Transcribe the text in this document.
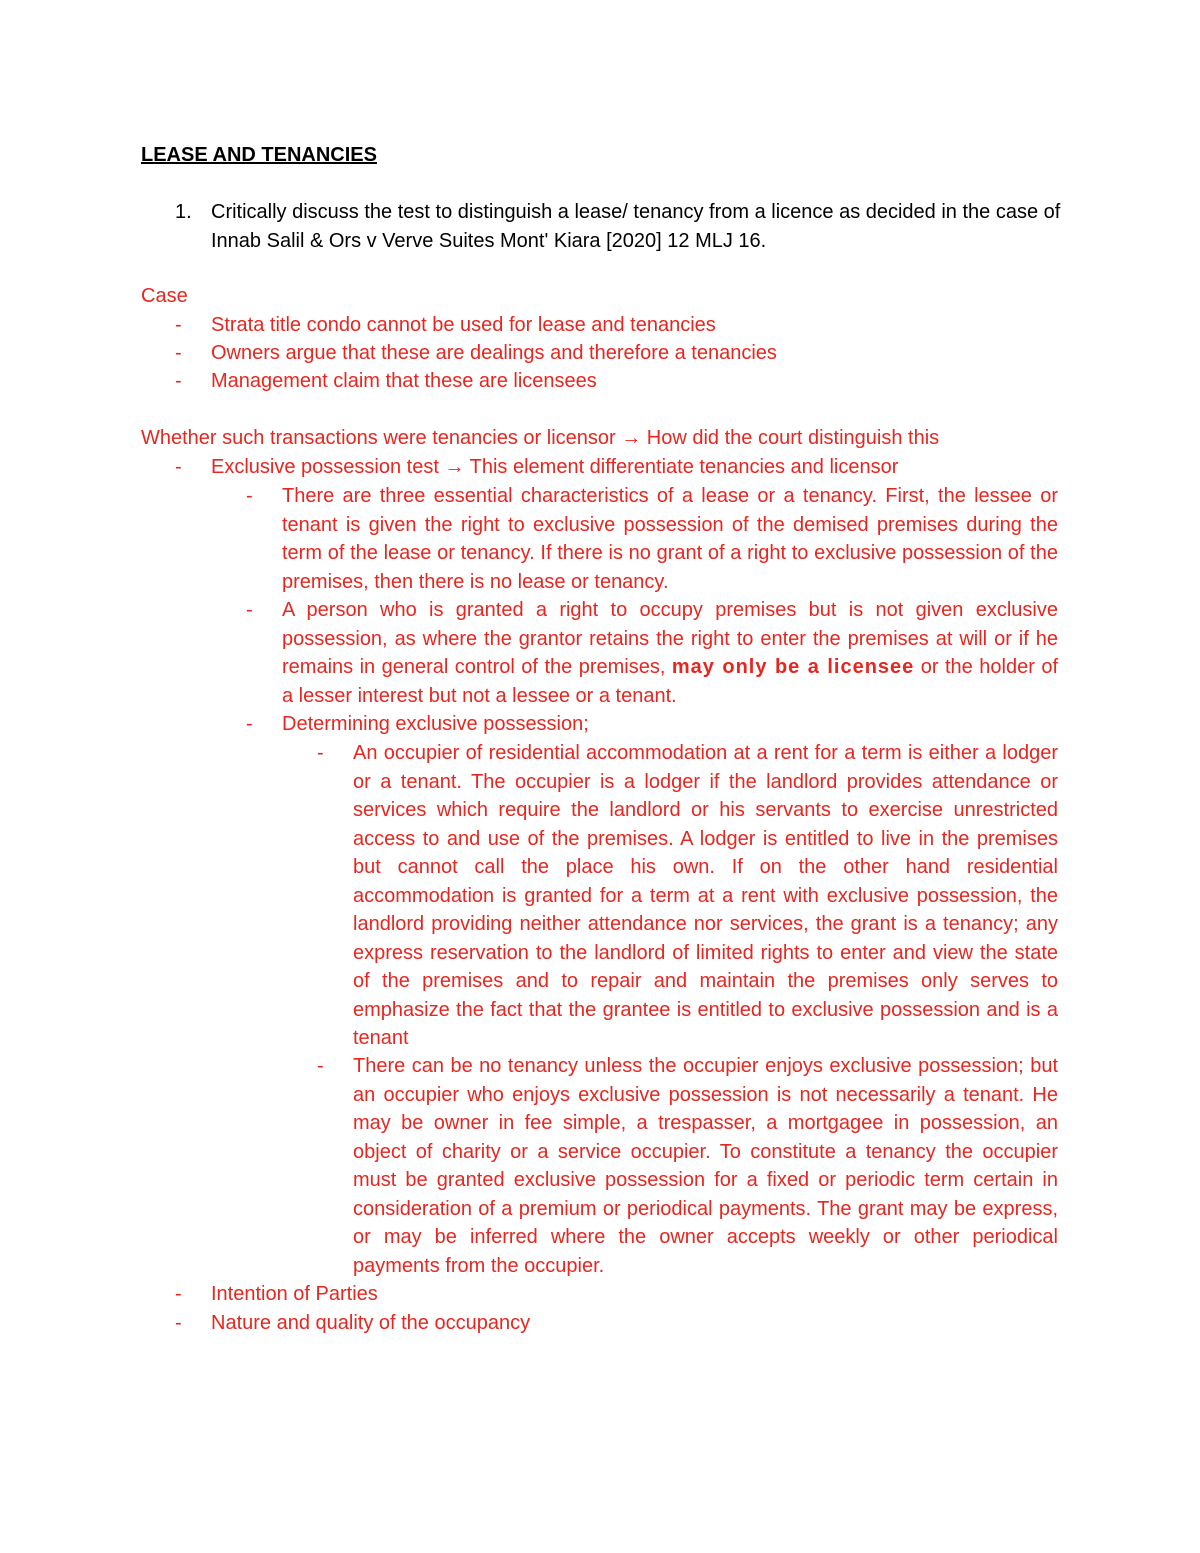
LEASE AND TENANCIES
1. Critically discuss the test to distinguish a lease/ tenancy from a licence as decided in the case of Innab Salil & Ors v Verve Suites Mont' Kiara [2020] 12 MLJ 16.
Case
- Strata title condo cannot be used for lease and tenancies
- Owners argue that these are dealings and therefore a tenancies
- Management claim that these are licensees
Whether such transactions were tenancies or licensor → How did the court distinguish this
- Exclusive possession test → This element differentiate tenancies and licensor
- There are three essential characteristics of a lease or a tenancy. First, the lessee or tenant is given the right to exclusive possession of the demised premises during the term of the lease or tenancy. If there is no grant of a right to exclusive possession of the premises, then there is no lease or tenancy.
- A person who is granted a right to occupy premises but is not given exclusive possession, as where the grantor retains the right to enter the premises at will or if he remains in general control of the premises, may only be a licensee or the holder of a lesser interest but not a lessee or a tenant.
- Determining exclusive possession;
- An occupier of residential accommodation at a rent for a term is either a lodger or a tenant. The occupier is a lodger if the landlord provides attendance or services which require the landlord or his servants to exercise unrestricted access to and use of the premises. A lodger is entitled to live in the premises but cannot call the place his own. If on the other hand residential accommodation is granted for a term at a rent with exclusive possession, the landlord providing neither attendance nor services, the grant is a tenancy; any express reservation to the landlord of limited rights to enter and view the state of the premises and to repair and maintain the premises only serves to emphasize the fact that the grantee is entitled to exclusive possession and is a tenant
- There can be no tenancy unless the occupier enjoys exclusive possession; but an occupier who enjoys exclusive possession is not necessarily a tenant. He may be owner in fee simple, a trespasser, a mortgagee in possession, an object of charity or a service occupier. To constitute a tenancy the occupier must be granted exclusive possession for a fixed or periodic term certain in consideration of a premium or periodical payments. The grant may be express, or may be inferred where the owner accepts weekly or other periodical payments from the occupier.
- Intention of Parties
- Nature and quality of the occupancy
